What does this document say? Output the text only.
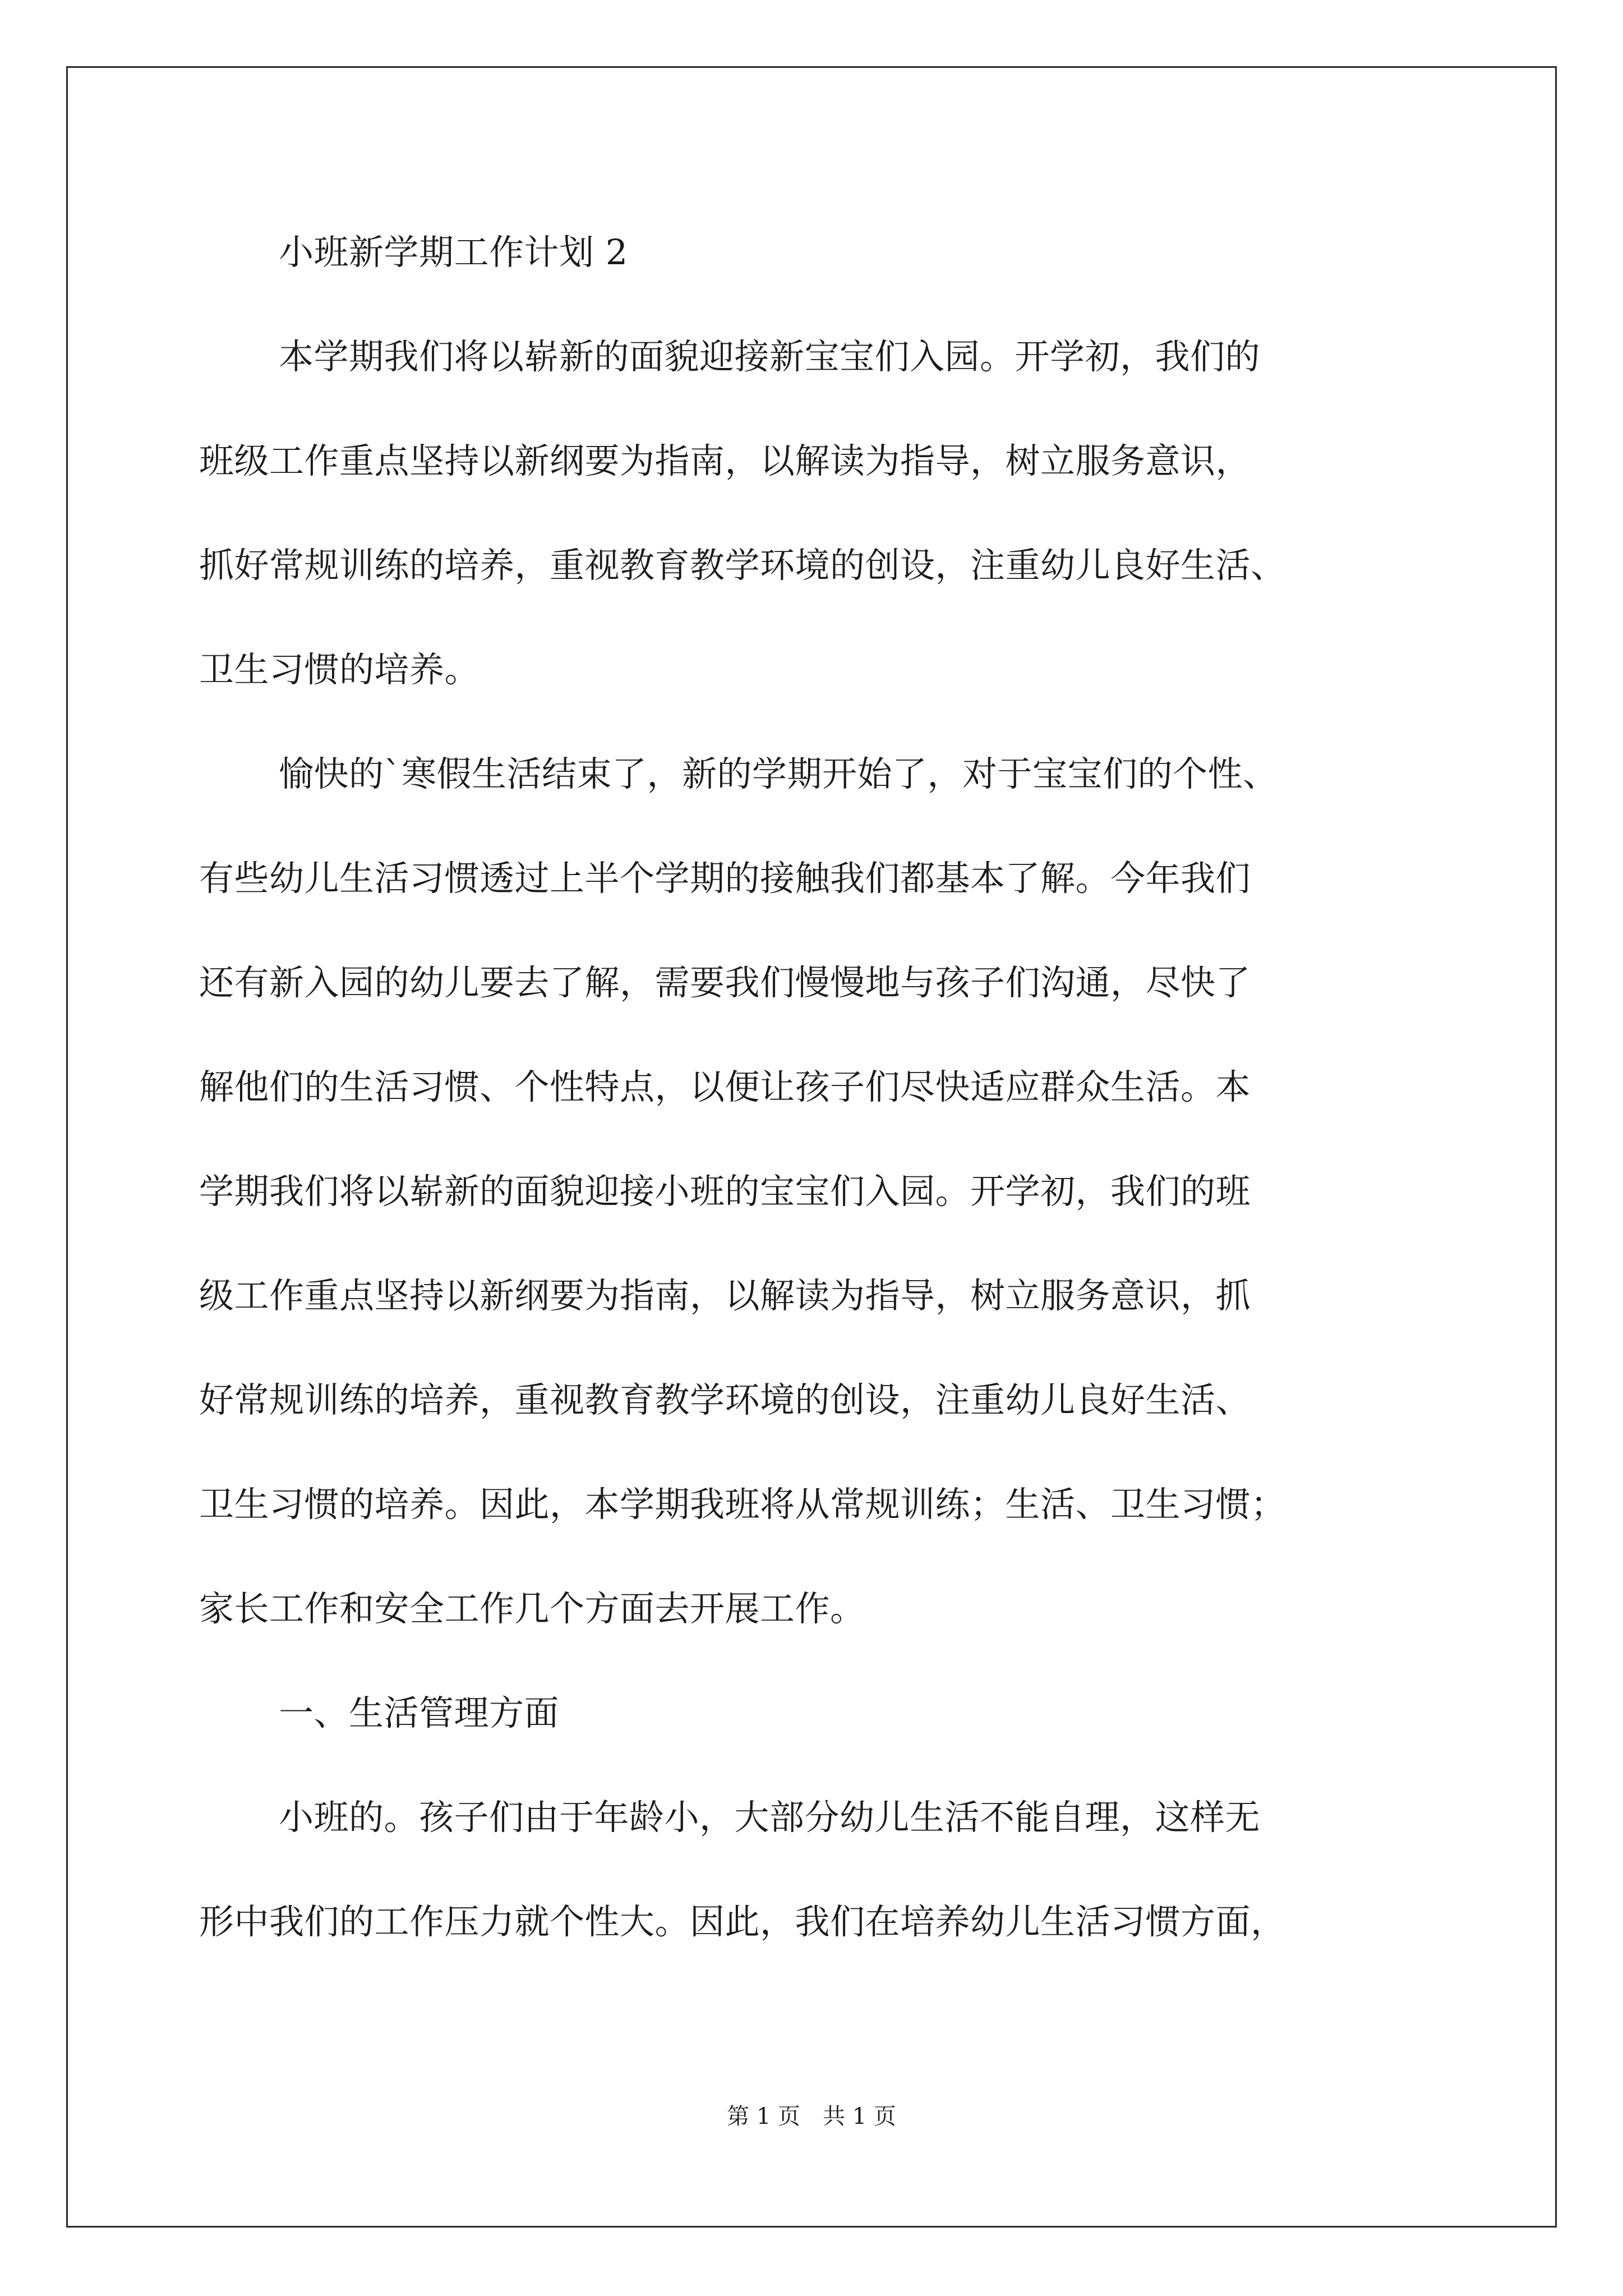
小班新学期工作计划 2
本学期我们将以崭新的面貌迎接新宝宝们入园。开学初，我们的
班级工作重点坚持以新纲要为指南，以解读为指导，树立服务意识，
抓好常规训练的培养，重视教育教学环境的创设，注重幼儿良好生活、
卫生习惯的培养。
愉快的`寒假生活结束了，新的学期开始了，对于宝宝们的个性、
有些幼儿生活习惯透过上半个学期的接触我们都基本了解。今年我们
还有新入园的幼儿要去了解，需要我们慢慢地与孩子们沟通，尽快了
解他们的生活习惯、个性特点，以便让孩子们尽快适应群众生活。本
学期我们将以崭新的面貌迎接小班的宝宝们入园。开学初，我们的班
级工作重点坚持以新纲要为指南，以解读为指导，树立服务意识，抓
好常规训练的培养，重视教育教学环境的创设，注重幼儿良好生活、
卫生习惯的培养。因此，本学期我班将从常规训练；生活、卫生习惯；
家长工作和安全工作几个方面去开展工作。
一、生活管理方面
小班的。孩子们由于年龄小，大部分幼儿生活不能自理，这样无
形中我们的工作压力就个性大。因此，我们在培养幼儿生活习惯方面，
第 1 页 共 1 页
